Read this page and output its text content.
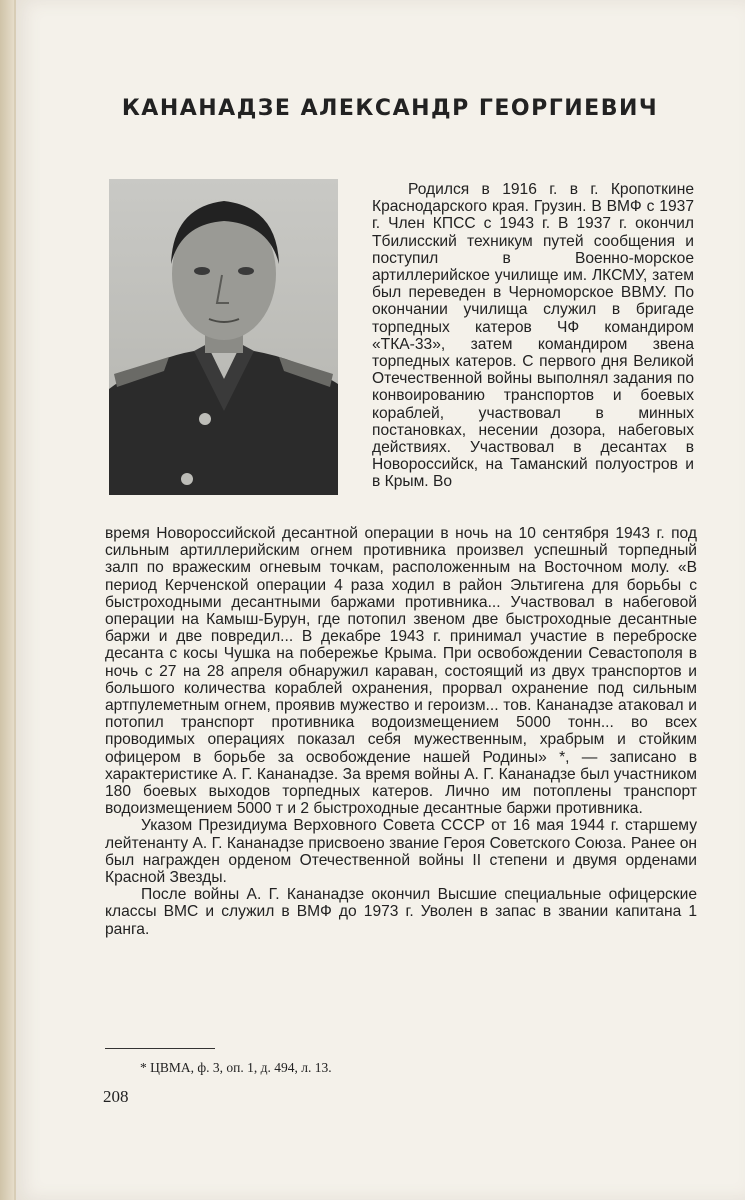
КАНАНАДЗЕ АЛЕКСАНДР ГЕОРГИЕВИЧ

Родился в 1916 г. в г. Кропоткине Краснодарского края. Грузин. В ВМФ с 1937 г. Член КПСС с 1943 г. В 1937 г. окончил Тбилисский техникум путей сообщения и поступил в Военно-морское артиллерийское училище им. ЛКСМУ, затем был переведен в Черноморское ВВМУ. По окончании училища служил в бригаде торпедных катеров ЧФ командиром «ТКА-33», затем командиром звена торпедных катеров. С первого дня Великой Отечественной войны выполнял задания по конвоированию транспортов и боевых кораблей, участвовал в минных постановках, несении дозора, набеговых действиях. Участвовал в десантах в Новороссийск, на Таманский полуостров и в Крым. Во

время Новороссийской десантной операции в ночь на 10 сентября 1943 г. под сильным артиллерийским огнем противника произвел успешный торпедный залп по вражеским огневым точкам, расположенным на Восточном молу. «В период Керченской операции 4 раза ходил в район Эльтигена для борьбы с быстроходными десантными баржами противника... Участвовал в набеговой операции на Камыш-Бурун, где потопил звеном две быстроходные десантные баржи и две повредил... В декабре 1943 г. принимал участие в переброске десанта с косы Чушка на побережье Крыма. При освобождении Севастополя в ночь с 27 на 28 апреля обнаружил караван, состоящий из двух транспортов и большого количества кораблей охранения, прорвал охранение под сильным артпулеметным огнем, проявив мужество и героизм... тов. Кананадзе атаковал и потопил транспорт противника водоизмещением 5000 тонн... во всех проводимых операциях показал себя мужественным, храбрым и стойким офицером в борьбе за освобождение нашей Родины» *, — записано в характеристике А. Г. Кананадзе. За время войны А. Г. Кананадзе был участником 180 боевых выходов торпедных катеров. Лично им потоплены транспорт водоизмещением 5000 т и 2 быстроходные десантные баржи противника.

Указом Президиума Верховного Совета СССР от 16 мая 1944 г. старшему лейтенанту А. Г. Кананадзе присвоено звание Героя Советского Союза. Ранее он был награжден орденом Отечественной войны II степени и двумя орденами Красной Звезды.

После войны А. Г. Кананадзе окончил Высшие специальные офицерские классы ВМС и служил в ВМФ до 1973 г. Уволен в запас в звании капитана 1 ранга.

* ЦВМА, ф. 3, оп. 1, д. 494, л. 13.
208
